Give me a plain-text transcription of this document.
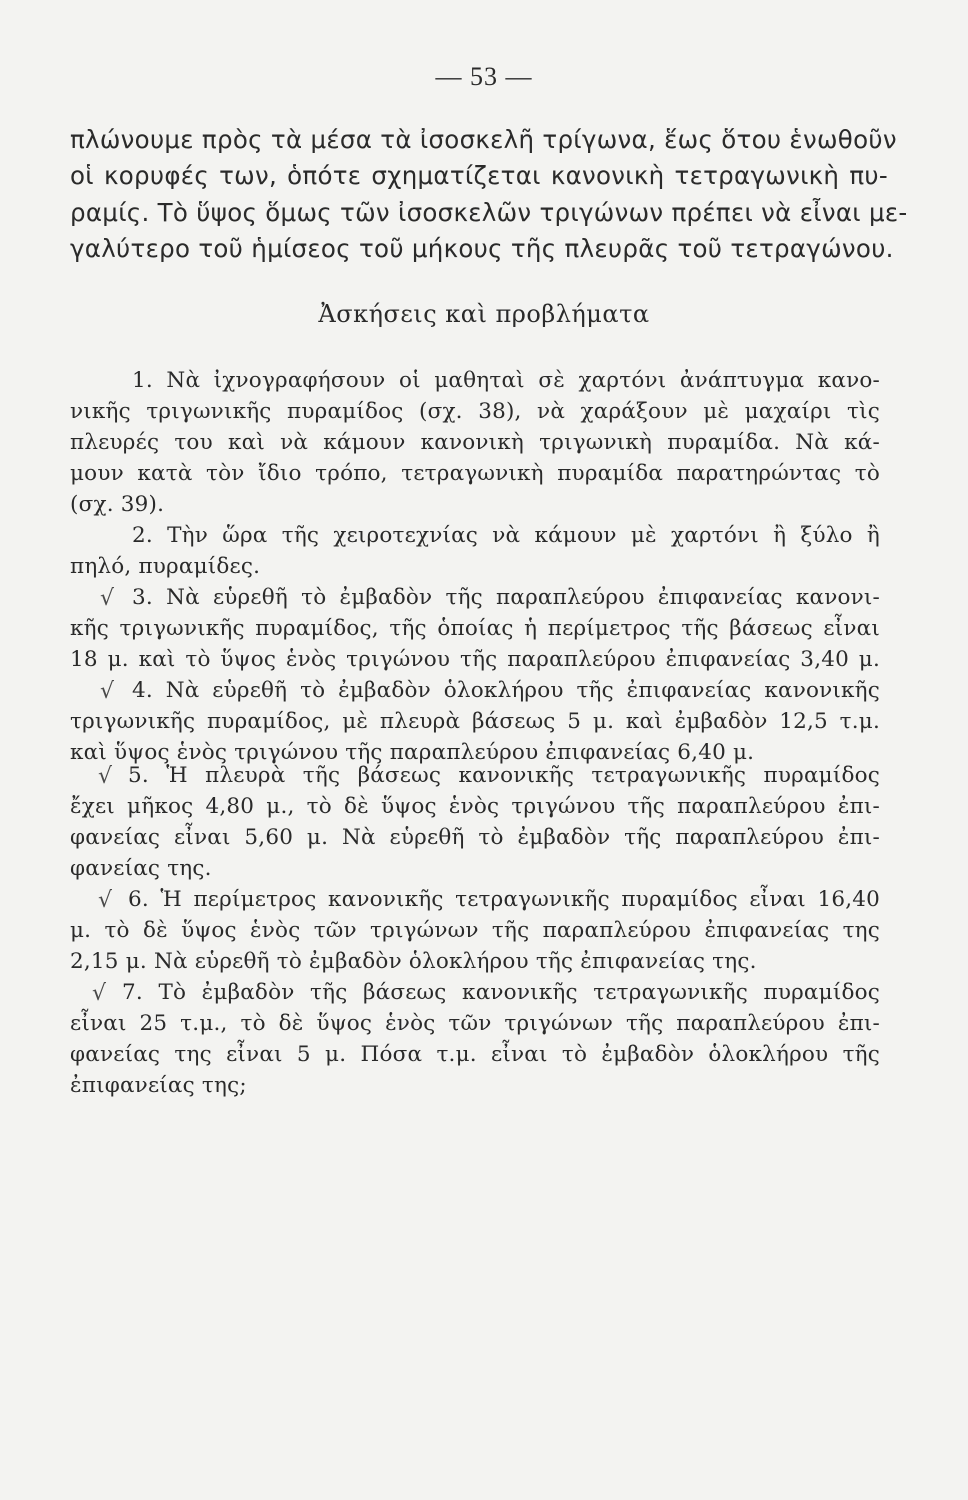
— 53 —
πλώνουμε πρὸς τὰ μέσα τὰ ἰσοσκελῆ τρίγωνα, ἕως ὅτου ἑνωθοῦν
οἱ κορυφές των, ὁπότε σχηματίζεται κανονικὴ τετραγωνικὴ πυ-
ραμίς. Τὸ ὕψος ὅμως τῶν ἰσοσκελῶν τριγώνων πρέπει νὰ εἶναι με-
γαλύτερο τοῦ ἡμίσεος τοῦ μήκους τῆς πλευρᾶς τοῦ τετραγώνου.
Ἀσκήσεις καὶ προβλήματα
1. Νὰ ἰχνογραφήσουν οἱ μαθηταὶ σὲ χαρτόνι ἀνάπτυγμα κανο-
νικῆς τριγωνικῆς πυραμίδος (σχ. 38), νὰ χαράξουν μὲ μαχαίρι τὶς
πλευρές του καὶ νὰ κάμουν κανονικὴ τριγωνικὴ πυραμίδα. Νὰ κά-
μουν κατὰ τὸν ἴδιο τρόπο, τετραγωνικὴ πυραμίδα παρατηρώντας τὸ
(σχ. 39).
2. Τὴν ὥρα τῆς χειροτεχνίας νὰ κάμουν μὲ χαρτόνι ἢ ξύλο ἢ
πηλό, πυραμίδες.
√ 3. Νὰ εὑρεθῆ τὸ ἐμβαδὸν τῆς παραπλεύρου ἐπιφανείας κανονι-
κῆς τριγωνικῆς πυραμίδος, τῆς ὁποίας ἡ περίμετρος τῆς βάσεως εἶναι
18 μ. καὶ τὸ ὕψος ἑνὸς τριγώνου τῆς παραπλεύρου ἐπιφανείας 3,40 μ.
√ 4. Νὰ εὑρεθῆ τὸ ἐμβαδὸν ὁλοκλήρου τῆς ἐπιφανείας κανονικῆς
τριγωνικῆς πυραμίδος, μὲ πλευρὰ βάσεως 5 μ. καὶ ἐμβαδὸν 12,5 τ.μ.
καὶ ὕψος ἑνὸς τριγώνου τῆς παραπλεύρου ἐπιφανείας 6,40 μ.
√ 5. Ἡ πλευρὰ τῆς βάσεως κανονικῆς τετραγωνικῆς πυραμίδος
ἔχει μῆκος 4,80 μ., τὸ δὲ ὕψος ἑνὸς τριγώνου τῆς παραπλεύρου ἐπι-
φανείας εἶναι 5,60 μ. Νὰ εὑρεθῆ τὸ ἐμβαδὸν τῆς παραπλεύρου ἐπι-
φανείας της.
√ 6. Ἡ περίμετρος κανονικῆς τετραγωνικῆς πυραμίδος εἶναι 16,40
μ. τὸ δὲ ὕψος ἑνὸς τῶν τριγώνων τῆς παραπλεύρου ἐπιφανείας της
2,15 μ. Νὰ εὑρεθῆ τὸ ἐμβαδὸν ὁλοκλήρου τῆς ἐπιφανείας της.
√ 7. Τὸ ἐμβαδὸν τῆς βάσεως κανονικῆς τετραγωνικῆς πυραμίδος
εἶναι 25 τ.μ., τὸ δὲ ὕψος ἑνὸς τῶν τριγώνων τῆς παραπλεύρου ἐπι-
φανείας της εἶναι 5 μ. Πόσα τ.μ. εἶναι τὸ ἐμβαδὸν ὁλοκλήρου τῆς
ἐπιφανείας της;
